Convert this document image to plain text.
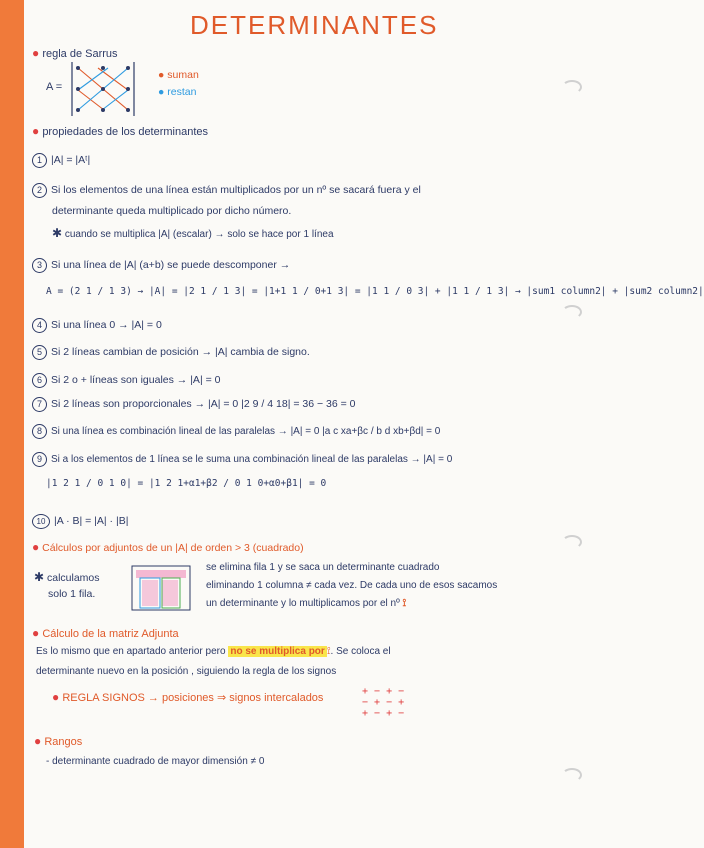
DETERMINANTES
● regla de Sarrus
A =
● suman
● restan
● propiedades de los determinantes
1 |A| = |Aᵗ|
2 Si los elementos de una línea están multiplicados por un nº se sacará fuera y el
determinante queda multiplicado por dicho número.
✱ cuando se multiplica |A| (escalar) → solo se hace por 1 línea
3 Si una línea de |A| (a+b) se puede descomponer →
A = (2 1 / 1 3) → |A| = |2 1 / 1 3| = |1+1 1 / 0+1 3| = |1 1 / 0 3| + |1 1 / 1 3| → |sum1 column2| + |sum2 column2|
4 Si una línea 0 → |A| = 0
5 Si 2 líneas cambian de posición → |A| cambia de signo.
6 Si 2 o + líneas son iguales → |A| = 0
7 Si 2 líneas son proporcionales → |A| = 0 |2 9 / 4 18| = 36 − 36 = 0
8 Si una línea es combinación lineal de las paralelas → |A| = 0 |a c xa+βc / b d xb+βd| = 0
9 Si a los elementos de 1 línea se le suma una combinación lineal de las paralelas → |A| = 0
|1 2 1 / 0 1 0| = |1 2 1+α1+β2 / 0 1 0+α0+β1| = 0
10 |A · B| = |A| · |B|
● Cálculos por adjuntos de un |A| de orden > 3 (cuadrado)
✱ calculamos
solo 1 fila.
se elimina fila 1 y se saca un determinante cuadrado
eliminando 1 columna ≠ cada vez. De cada uno de esos sacamos
un determinante y lo multiplicamos por el nº ⟟
● Cálculo de la matriz Adjunta
Es lo mismo que en apartado anterior pero no se multiplica por ⟟. Se coloca el
determinante nuevo en la posición , siguiendo la regla de los signos
● REGLA SIGNOS → posiciones ⇒ signos intercalados
+ − + −
− + − +
+ − + −
● Rangos
- determinante cuadrado de mayor dimensión ≠ 0
